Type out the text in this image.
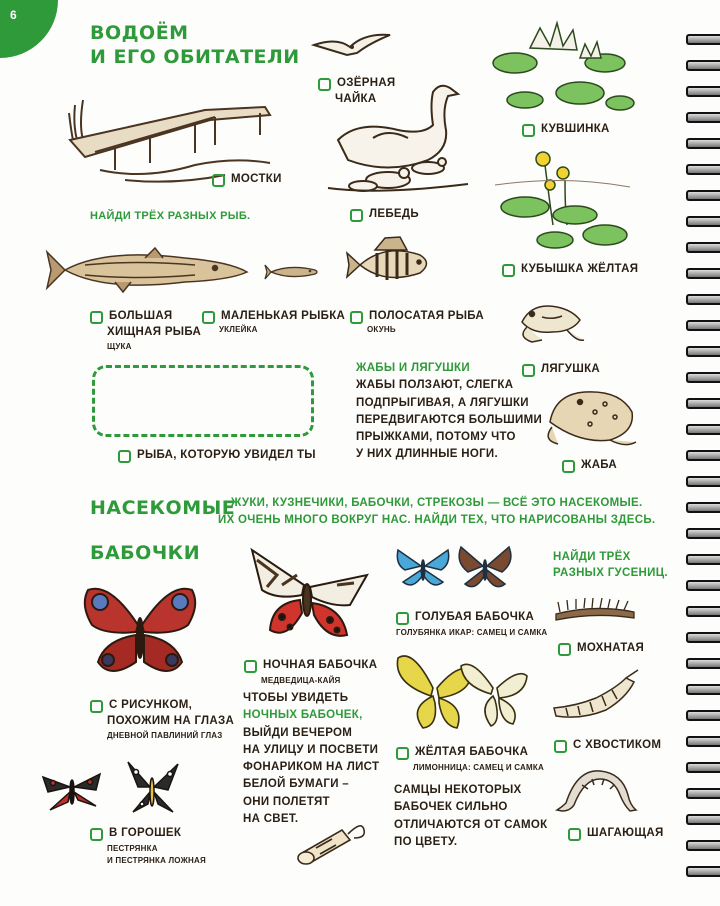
6
ВОДОЁМ
И ЕГО ОБИТАТЕЛИ
МОСТКИ
ОЗЁРНАЯ
ЧАЙКА
ЛЕБЕДЬ
КУВШИНКА
КУБЫШКА ЖЁЛТАЯ
НАЙДИ ТРЁХ РАЗНЫХ РЫБ.
БОЛЬШАЯ
ХИЩНАЯ РЫБА
ЩУКА
МАЛЕНЬКАЯ РЫБКА
УКЛЕЙКА
ПОЛОСАТАЯ РЫБА
ОКУНЬ
РЫБА, КОТОРУЮ УВИДЕЛ ТЫ
ЖАБЫ И ЛЯГУШКИ
ЖАБЫ ПОЛЗАЮТ, СЛЕГКА
ПОДПРЫГИВАЯ, А ЛЯГУШКИ
ПЕРЕДВИГАЮТСЯ БОЛЬШИМИ
ПРЫЖКАМИ, ПОТОМУ ЧТО
У НИХ ДЛИННЫЕ НОГИ.
ЛЯГУШКА
ЖАБА
НАСЕКОМЫЕ
ЖУКИ, КУЗНЕЧИКИ, БАБОЧКИ, СТРЕКОЗЫ — ВСЁ ЭТО НАСЕКОМЫЕ.
ИХ ОЧЕНЬ МНОГО ВОКРУГ НАС. НАЙДИ ТЕХ, ЧТО НАРИСОВАНЫ ЗДЕСЬ.
БАБОЧКИ
С РИСУНКОМ,
ПОХОЖИМ НА ГЛАЗА
ДНЕВНОЙ ПАВЛИНИЙ ГЛАЗ
В ГОРОШЕК
ПЕСТРЯНКА
И ПЕСТРЯНКА ЛОЖНАЯ
НОЧНАЯ БАБОЧКА
МЕДВЕДИЦА-КАЙЯ
ЧТОБЫ УВИДЕТЬ
НОЧНЫХ БАБОЧЕК,
ВЫЙДИ ВЕЧЕРОМ
НА УЛИЦУ И ПОСВЕТИ
ФОНАРИКОМ НА ЛИСТ
БЕЛОЙ БУМАГИ –
ОНИ ПОЛЕТЯТ
НА СВЕТ.
ГОЛУБАЯ БАБОЧКА
ГОЛУБЯНКА ИКАР: САМЕЦ И САМКА
ЖЁЛТАЯ БАБОЧКА
ЛИМОННИЦА: САМЕЦ И САМКА
САМЦЫ НЕКОТОРЫХ
БАБОЧЕК СИЛЬНО
ОТЛИЧАЮТСЯ ОТ САМОК
ПО ЦВЕТУ.
НАЙДИ ТРЁХ
РАЗНЫХ ГУСЕНИЦ.
МОХНАТАЯ
С ХВОСТИКОМ
ШАГАЮЩАЯ
